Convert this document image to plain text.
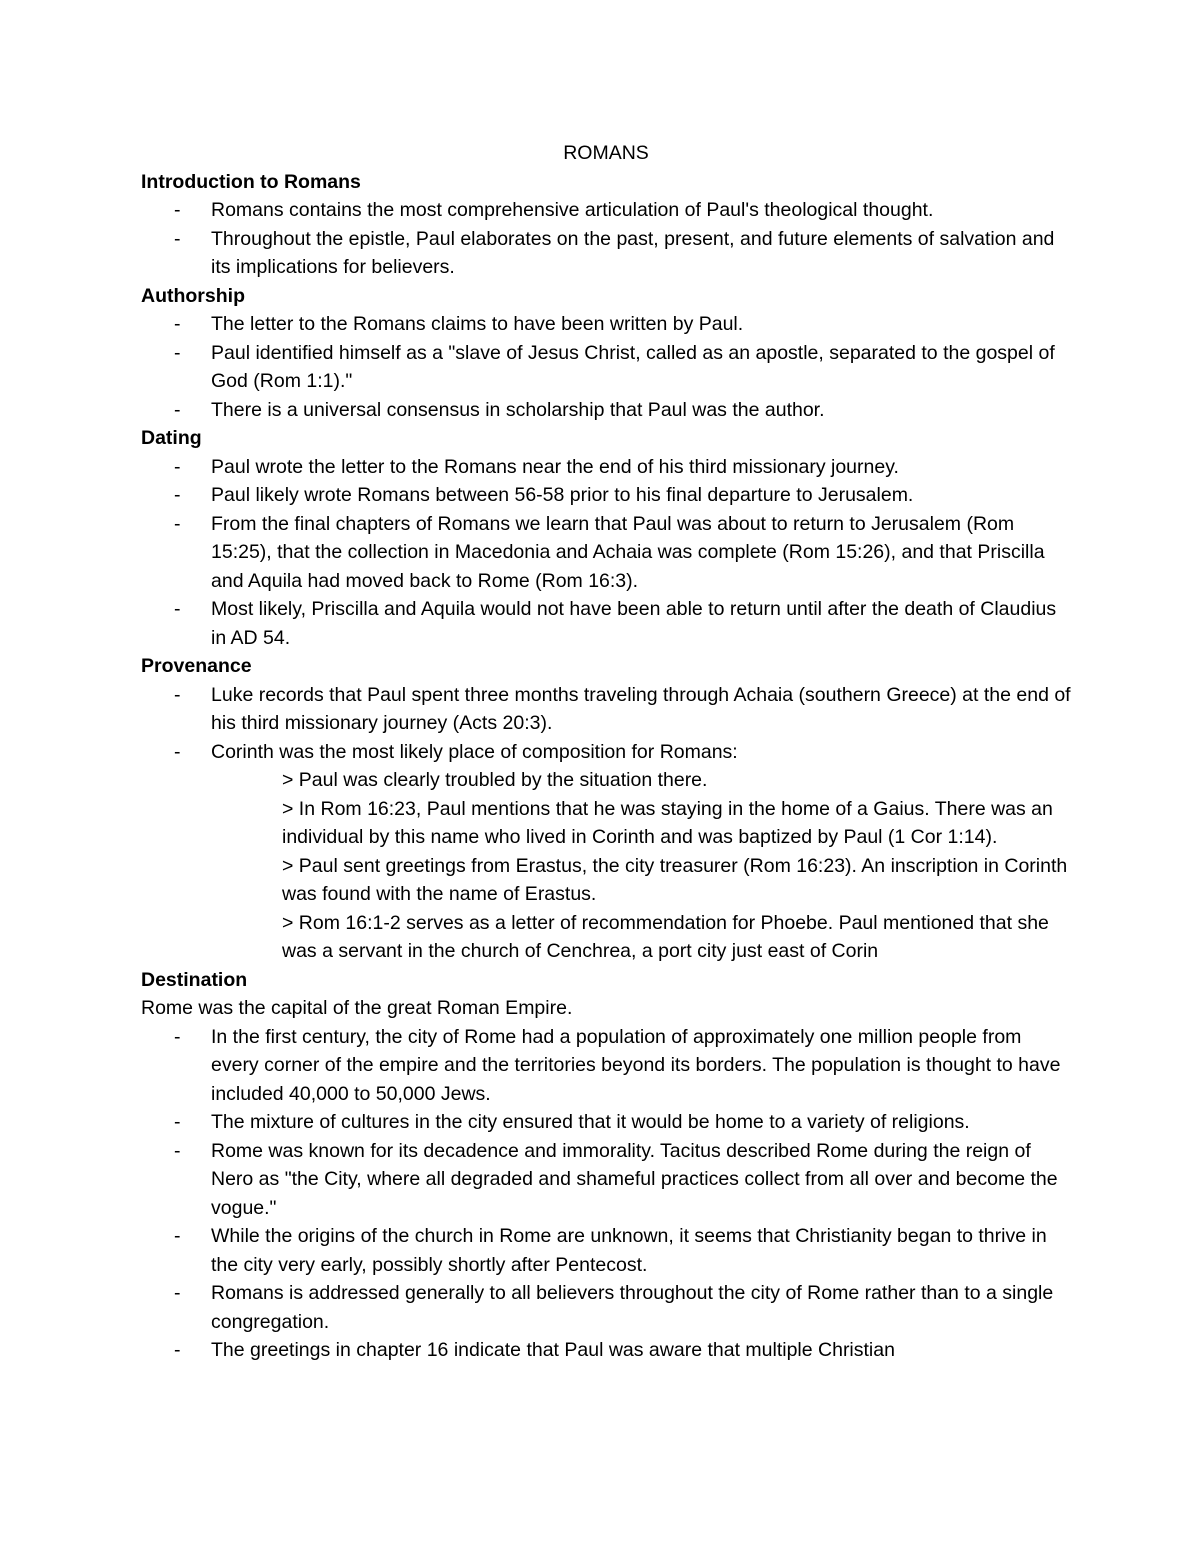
ROMANS

Introduction to Romans

- Romans contains the most comprehensive articulation of Paul's theological thought.

- Throughout the epistle, Paul elaborates on the past, present, and future elements of salvation and its implications for believers.

Authorship

- The letter to the Romans claims to have been written by Paul.

- Paul identified himself as a "slave of Jesus Christ, called as an apostle, separated to the gospel of God (Rom 1:1)."

- There is a universal consensus in scholarship that Paul was the author.

Dating

- Paul wrote the letter to the Romans near the end of his third missionary journey.

- Paul likely wrote Romans between 56-58 prior to his final departure to Jerusalem.

- From the final chapters of Romans we learn that Paul was about to return to Jerusalem (Rom 15:25), that the collection in Macedonia and Achaia was complete (Rom 15:26), and that Priscilla and Aquila had moved back to Rome (Rom 16:3).

- Most likely, Priscilla and Aquila would not have been able to return until after the death of Claudius in AD 54.

Provenance

- Luke records that Paul spent three months traveling through Achaia (southern Greece) at the end of his third missionary journey (Acts 20:3).

- Corinth was the most likely place of composition for Romans:

> Paul was clearly troubled by the situation there.

> In Rom 16:23, Paul mentions that he was staying in the home of a Gaius. There was an individual by this name who lived in Corinth and was baptized by Paul (1 Cor 1:14).

> Paul sent greetings from Erastus, the city treasurer (Rom 16:23). An inscription in Corinth was found with the name of Erastus.

> Rom 16:1-2 serves as a letter of recommendation for Phoebe. Paul mentioned that she was a servant in the church of Cenchrea, a port city just east of Corin

Destination

Rome was the capital of the great Roman Empire.

- In the first century, the city of Rome had a population of approximately one million people from every corner of the empire and the territories beyond its borders. The population is thought to have included 40,000 to 50,000 Jews.

- The mixture of cultures in the city ensured that it would be home to a variety of religions.

- Rome was known for its decadence and immorality. Tacitus described Rome during the reign of Nero as "the City, where all degraded and shameful practices collect from all over and become the vogue."

- While the origins of the church in Rome are unknown, it seems that Christianity began to thrive in the city very early, possibly shortly after Pentecost.

- Romans is addressed generally to all believers throughout the city of Rome rather than to a single congregation.

- The greetings in chapter 16 indicate that Paul was aware that multiple Christian
